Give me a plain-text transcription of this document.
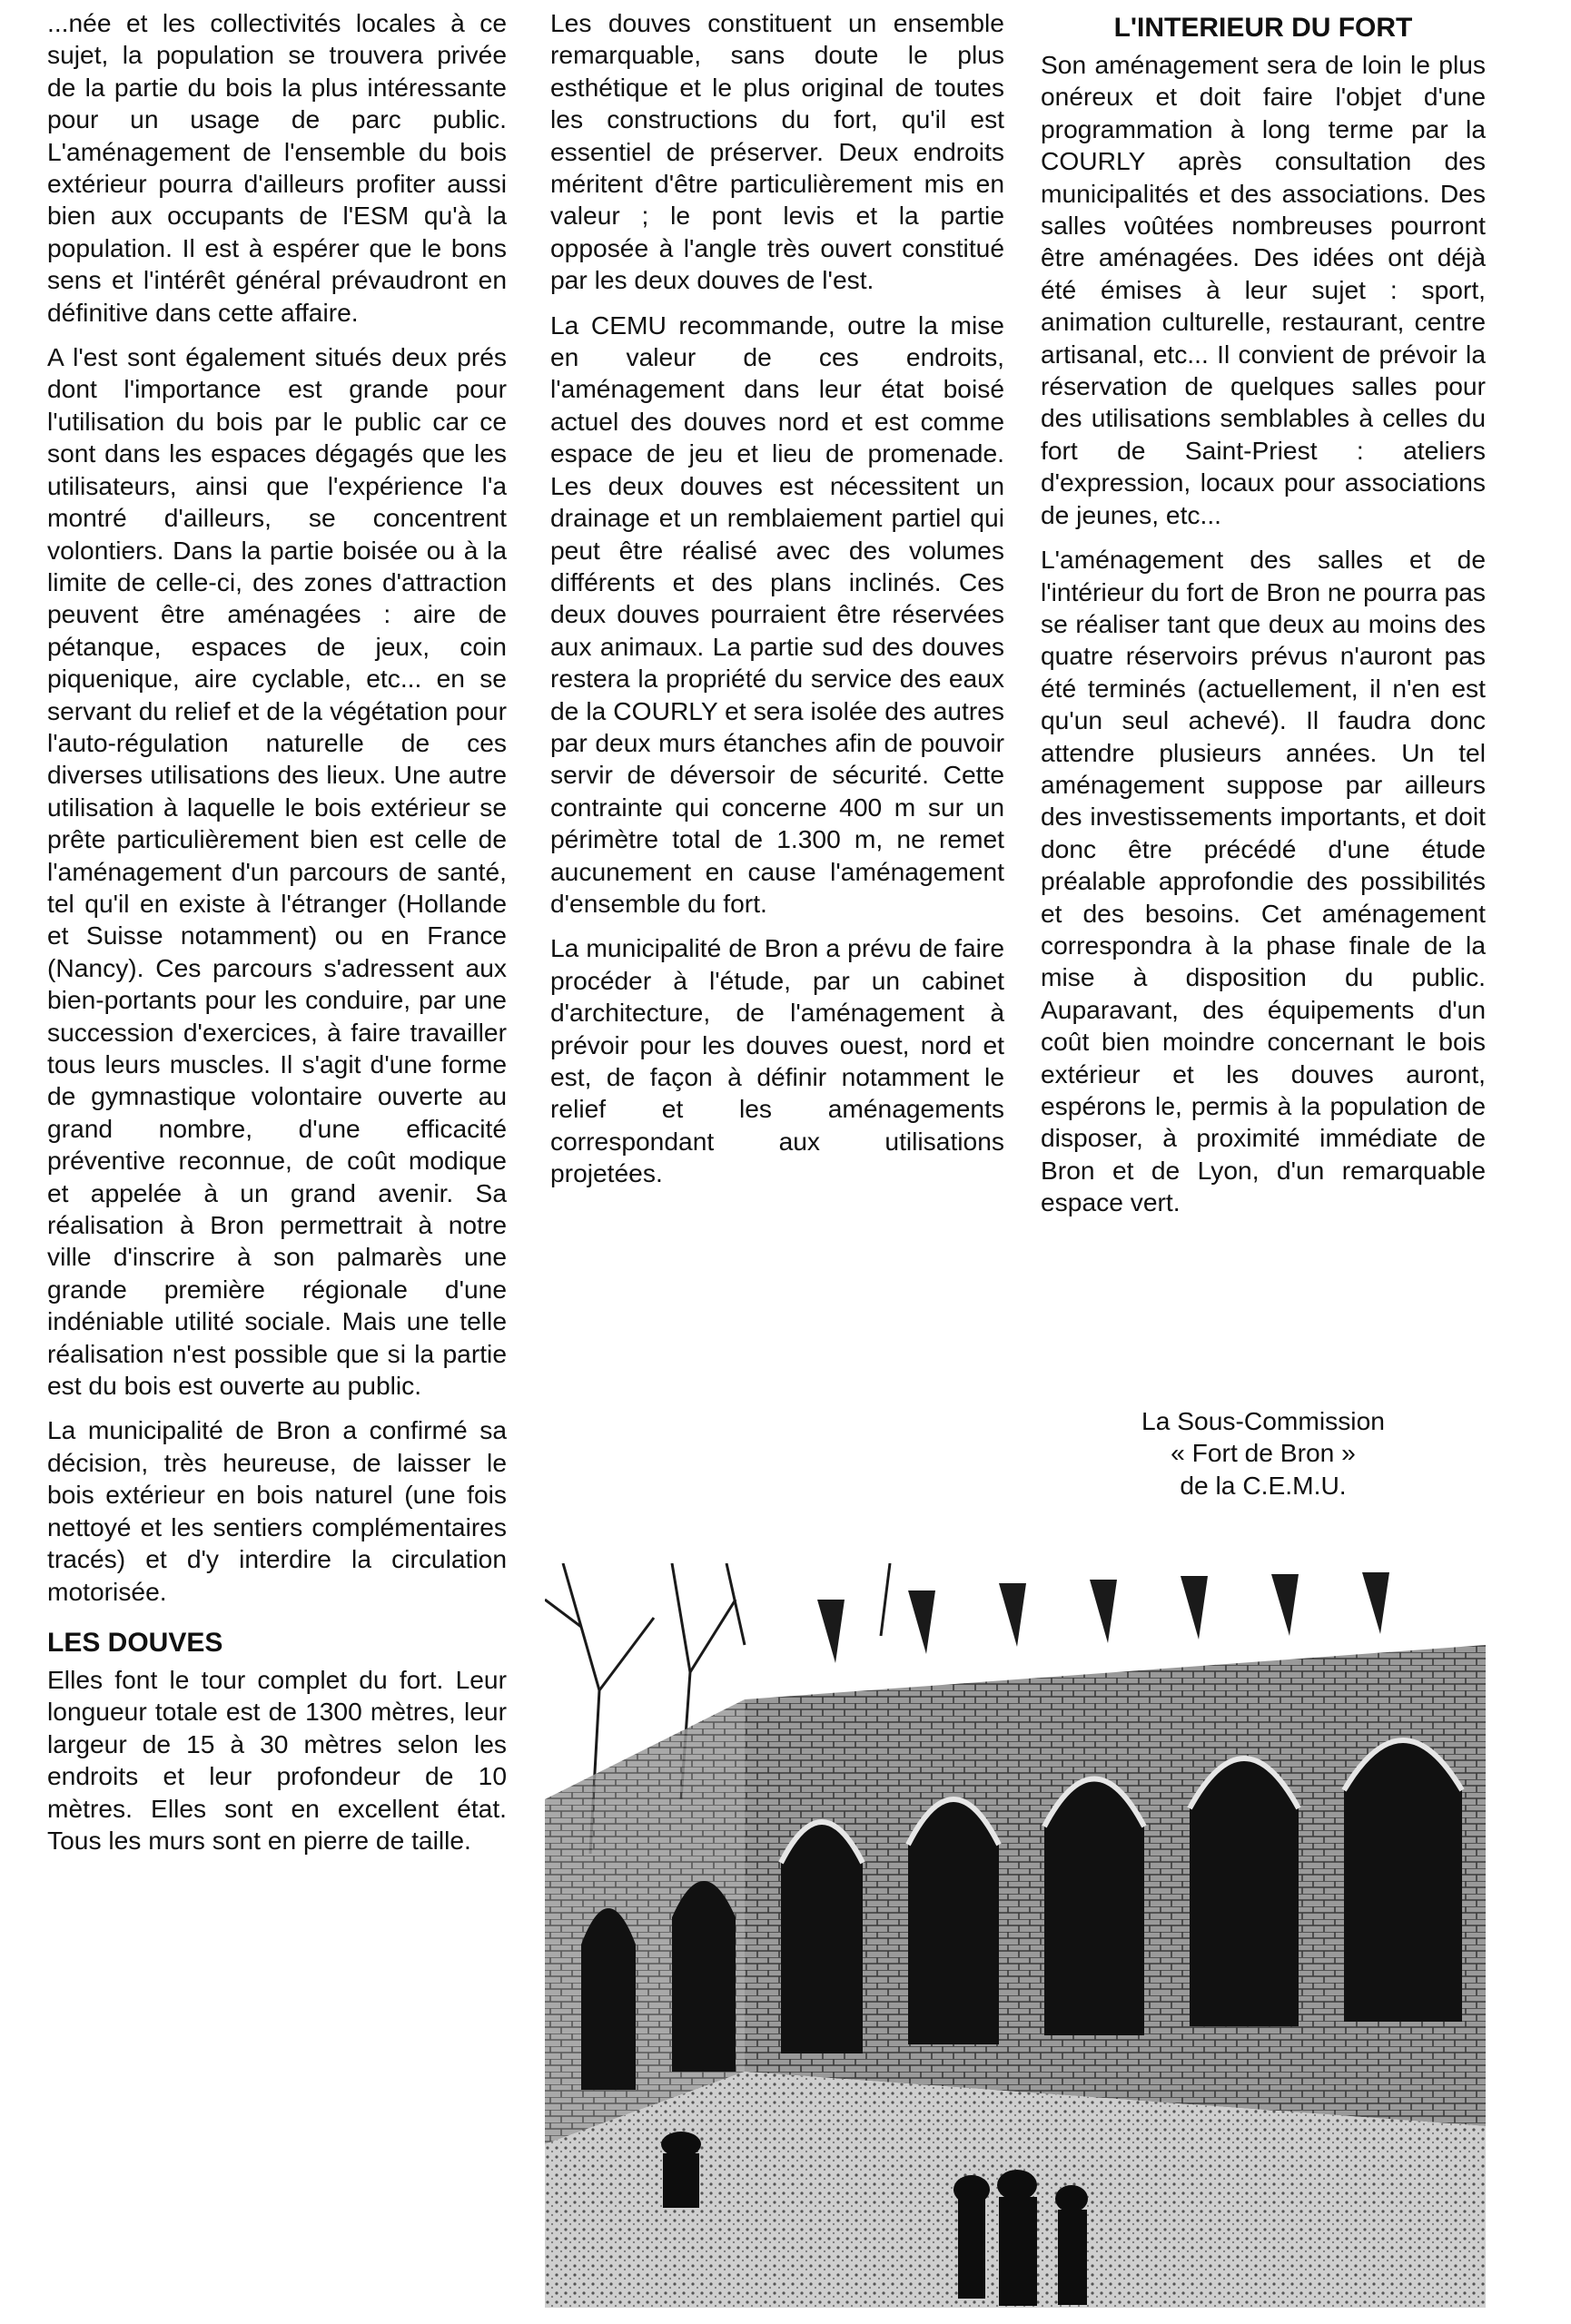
...née et les collectivités locales à ce sujet, la population se trouvera privée de la partie du bois la plus intéressante pour un usage de parc public. L'aménagement de l'ensemble du bois extérieur pourra d'ailleurs profiter aussi bien aux occupants de l'ESM qu'à la population. Il est à espérer que le bons sens et l'intérêt général prévaudront en définitive dans cette affaire.

A l'est sont également situés deux prés dont l'importance est grande pour l'utilisation du bois par le public car ce sont dans les espaces dégagés que les utilisateurs, ainsi que l'expérience l'a montré d'ailleurs, se concentrent volontiers. Dans la partie boisée ou à la limite de celle-ci, des zones d'attraction peuvent être aménagées : aire de pétanque, espaces de jeux, coin piquenique, aire cyclable, etc... en se servant du relief et de la végétation pour l'auto-régulation naturelle de ces diverses utilisations des lieux. Une autre utilisation à laquelle le bois extérieur se prête particulièrement bien est celle de l'aménagement d'un parcours de santé, tel qu'il en existe à l'étranger (Hollande et Suisse notamment) ou en France (Nancy). Ces parcours s'adressent aux bien-portants pour les conduire, par une succession d'exercices, à faire travailler tous leurs muscles. Il s'agit d'une forme de gymnastique volontaire ouverte au grand nombre, d'une efficacité préventive reconnue, de coût modique et appelée à un grand avenir. Sa réalisation à Bron permettrait à notre ville d'inscrire à son palmarès une grande première régionale d'une indéniable utilité sociale. Mais une telle réalisation n'est possible que si la partie est du bois est ouverte au public.

La municipalité de Bron a confirmé sa décision, très heureuse, de laisser le bois extérieur en bois naturel (une fois nettoyé et les sentiers complémentaires tracés) et d'y interdire la circulation motorisée.

LES DOUVES

Elles font le tour complet du fort. Leur longueur totale est de 1300 mètres, leur largeur de 15 à 30 mètres selon les endroits et leur profondeur de 10 mètres. Elles sont en excellent état. Tous les murs sont en pierre de taille.

Les douves constituent un ensemble remarquable, sans doute le plus esthétique et le plus original de toutes les constructions du fort, qu'il est essentiel de préserver. Deux endroits méritent d'être particulièrement mis en valeur ; le pont levis et la partie opposée à l'angle très ouvert constitué par les deux douves de l'est.

La CEMU recommande, outre la mise en valeur de ces endroits, l'aménagement dans leur état boisé actuel des douves nord et est comme espace de jeu et lieu de promenade. Les deux douves est nécessitent un drainage et un remblaiement partiel qui peut être réalisé avec des volumes différents et des plans inclinés. Ces deux douves pourraient être réservées aux animaux. La partie sud des douves restera la propriété du service des eaux de la COURLY et sera isolée des autres par deux murs étanches afin de pouvoir servir de déversoir de sécurité. Cette contrainte qui concerne 400 m sur un périmètre total de 1.300 m, ne remet aucunement en cause l'aménagement d'ensemble du fort.

La municipalité de Bron a prévu de faire procéder à l'étude, par un cabinet d'architecture, de l'aménagement à prévoir pour les douves ouest, nord et est, de façon à définir notamment le relief et les aménagements correspondant aux utilisations projetées.

L'INTERIEUR DU FORT

Son aménagement sera de loin le plus onéreux et doit faire l'objet d'une programmation à long terme par la COURLY après consultation des municipalités et des associations. Des salles voûtées nombreuses pourront être aménagées. Des idées ont déjà été émises à leur sujet : sport, animation culturelle, restaurant, centre artisanal, etc... Il convient de prévoir la réservation de quelques salles pour des utilisations semblables à celles du fort de Saint-Priest : ateliers d'expression, locaux pour associations de jeunes, etc...

L'aménagement des salles et de l'intérieur du fort de Bron ne pourra pas se réaliser tant que deux au moins des quatre réservoirs prévus n'auront pas été terminés (actuellement, il n'en est qu'un seul achevé). Il faudra donc attendre plusieurs années. Un tel aménagement suppose par ailleurs des investissements importants, et doit donc être précédé d'une étude préalable approfondie des possibilités et des besoins. Cet aménagement correspondra à la phase finale de la mise à disposition du public. Auparavant, des équipements d'un coût bien moindre concernant le bois extérieur et les douves auront, espérons le, permis à la population de disposer, à proximité immédiate de Bron et de Lyon, d'un remarquable espace vert.

La Sous-Commission
« Fort de Bron »
de la C.E.M.U.
